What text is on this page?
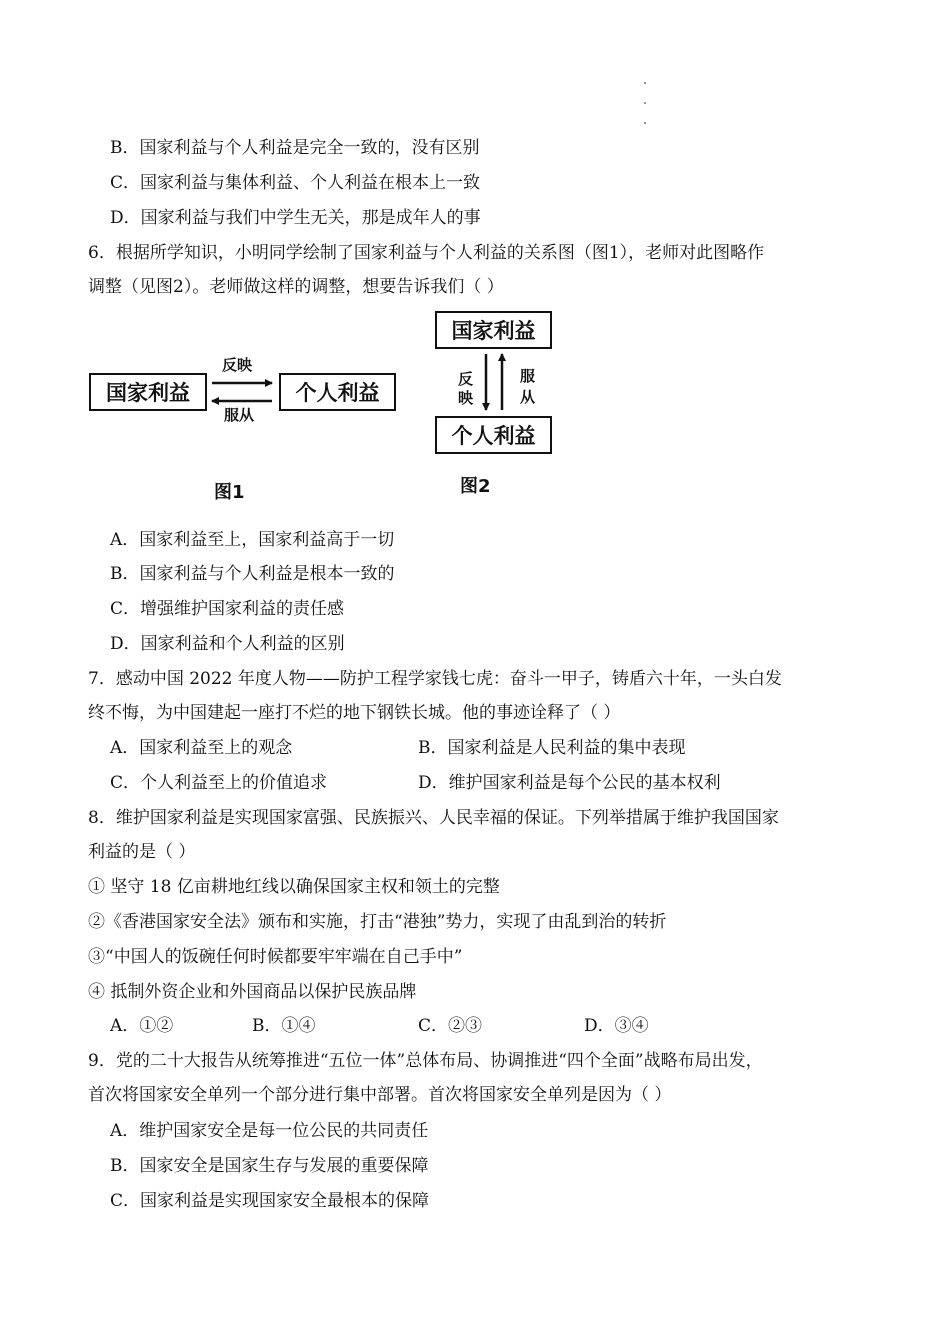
B．国家利益与个人利益是完全一致的，没有区别
C．国家利益与集体利益、个人利益在根本上一致
D．国家利益与我们中学生无关，那是成年人的事
6．根据所学知识，小明同学绘制了国家利益与个人利益的关系图（图1），老师对此图略作
调整（见图2）。老师做这样的调整，想要告诉我们（ ）
国家利益	个人利益
反映
服从
图1
国家利益
个人利益
反
映
服
从
图2
A．国家利益至上，国家利益高于一切
B．国家利益与个人利益是根本一致的
C．增强维护国家利益的责任感
D．国家利益和个人利益的区别
7．感动中国 2022 年度人物——防护工程学家钱七虎：奋斗一甲子，铸盾六十年，一头白发
终不悔，为中国建起一座打不烂的地下钢铁长城。他的事迹诠释了（ ）
A．国家利益至上的观念	B．国家利益是人民利益的集中表现
C．个人利益至上的价值追求	D．维护国家利益是每个公民的基本权利
8．维护国家利益是实现国家富强、民族振兴、人民幸福的保证。下列举措属于维护我国国家
利益的是（ ）
① 坚守 18 亿亩耕地红线以确保国家主权和领土的完整
②《香港国家安全法》颁布和实施，打击“港独”势力，实现了由乱到治的转折
③“中国人的饭碗任何时候都要牢牢端在自己手中”
④ 抵制外资企业和外国商品以保护民族品牌
A．①②	B．①④	C．②③	D．③④
9．党的二十大报告从统筹推进“五位一体”总体布局、协调推进“四个全面”战略布局出发，
首次将国家安全单列一个部分进行集中部署。首次将国家安全单列是因为（ ）
A．维护国家安全是每一位公民的共同责任
B．国家安全是国家生存与发展的重要保障
C．国家利益是实现国家安全最根本的保障
